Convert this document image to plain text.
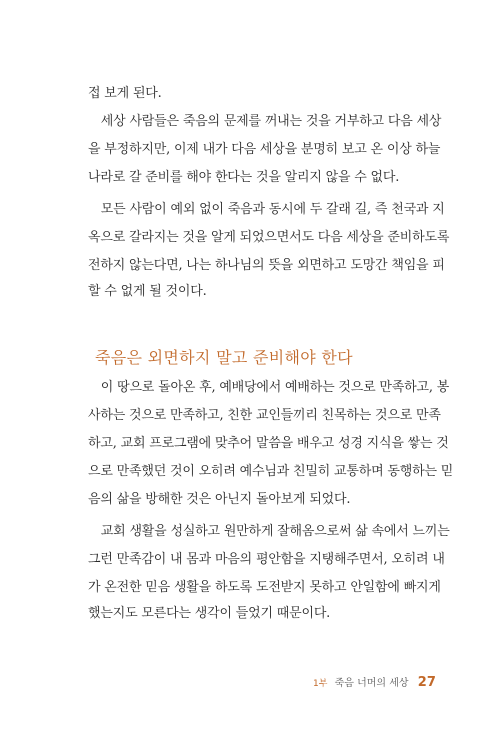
접 보게 된다.
　세상 사람들은 죽음의 문제를 꺼내는 것을 거부하고 다음 세상
을 부정하지만, 이제 내가 다음 세상을 분명히 보고 온 이상 하늘
나라로 갈 준비를 해야 한다는 것을 알리지 않을 수 없다.
　모든 사람이 예외 없이 죽음과 동시에 두 갈래 길, 즉 천국과 지
옥으로 갈라지는 것을 알게 되었으면서도 다음 세상을 준비하도록
전하지 않는다면, 나는 하나님의 뜻을 외면하고 도망간 책임을 피
할 수 없게 될 것이다.
죽음은 외면하지 말고 준비해야 한다
　이 땅으로 돌아온 후, 예배당에서 예배하는 것으로 만족하고, 봉
사하는 것으로 만족하고, 친한 교인들끼리 친목하는 것으로 만족
하고, 교회 프로그램에 맞추어 말씀을 배우고 성경 지식을 쌓는 것
으로 만족했던 것이 오히려 예수님과 친밀히 교통하며 동행하는 믿
음의 삶을 방해한 것은 아닌지 돌아보게 되었다.
　교회 생활을 성실하고 원만하게 잘해옴으로써 삶 속에서 느끼는
그런 만족감이 내 몸과 마음의 평안함을 지탱해주면서, 오히려 내
가 온전한 믿음 생활을 하도록 도전받지 못하고 안일함에 빠지게
했는지도 모른다는 생각이 들었기 때문이다.
1부 죽음 너머의 세상 27
